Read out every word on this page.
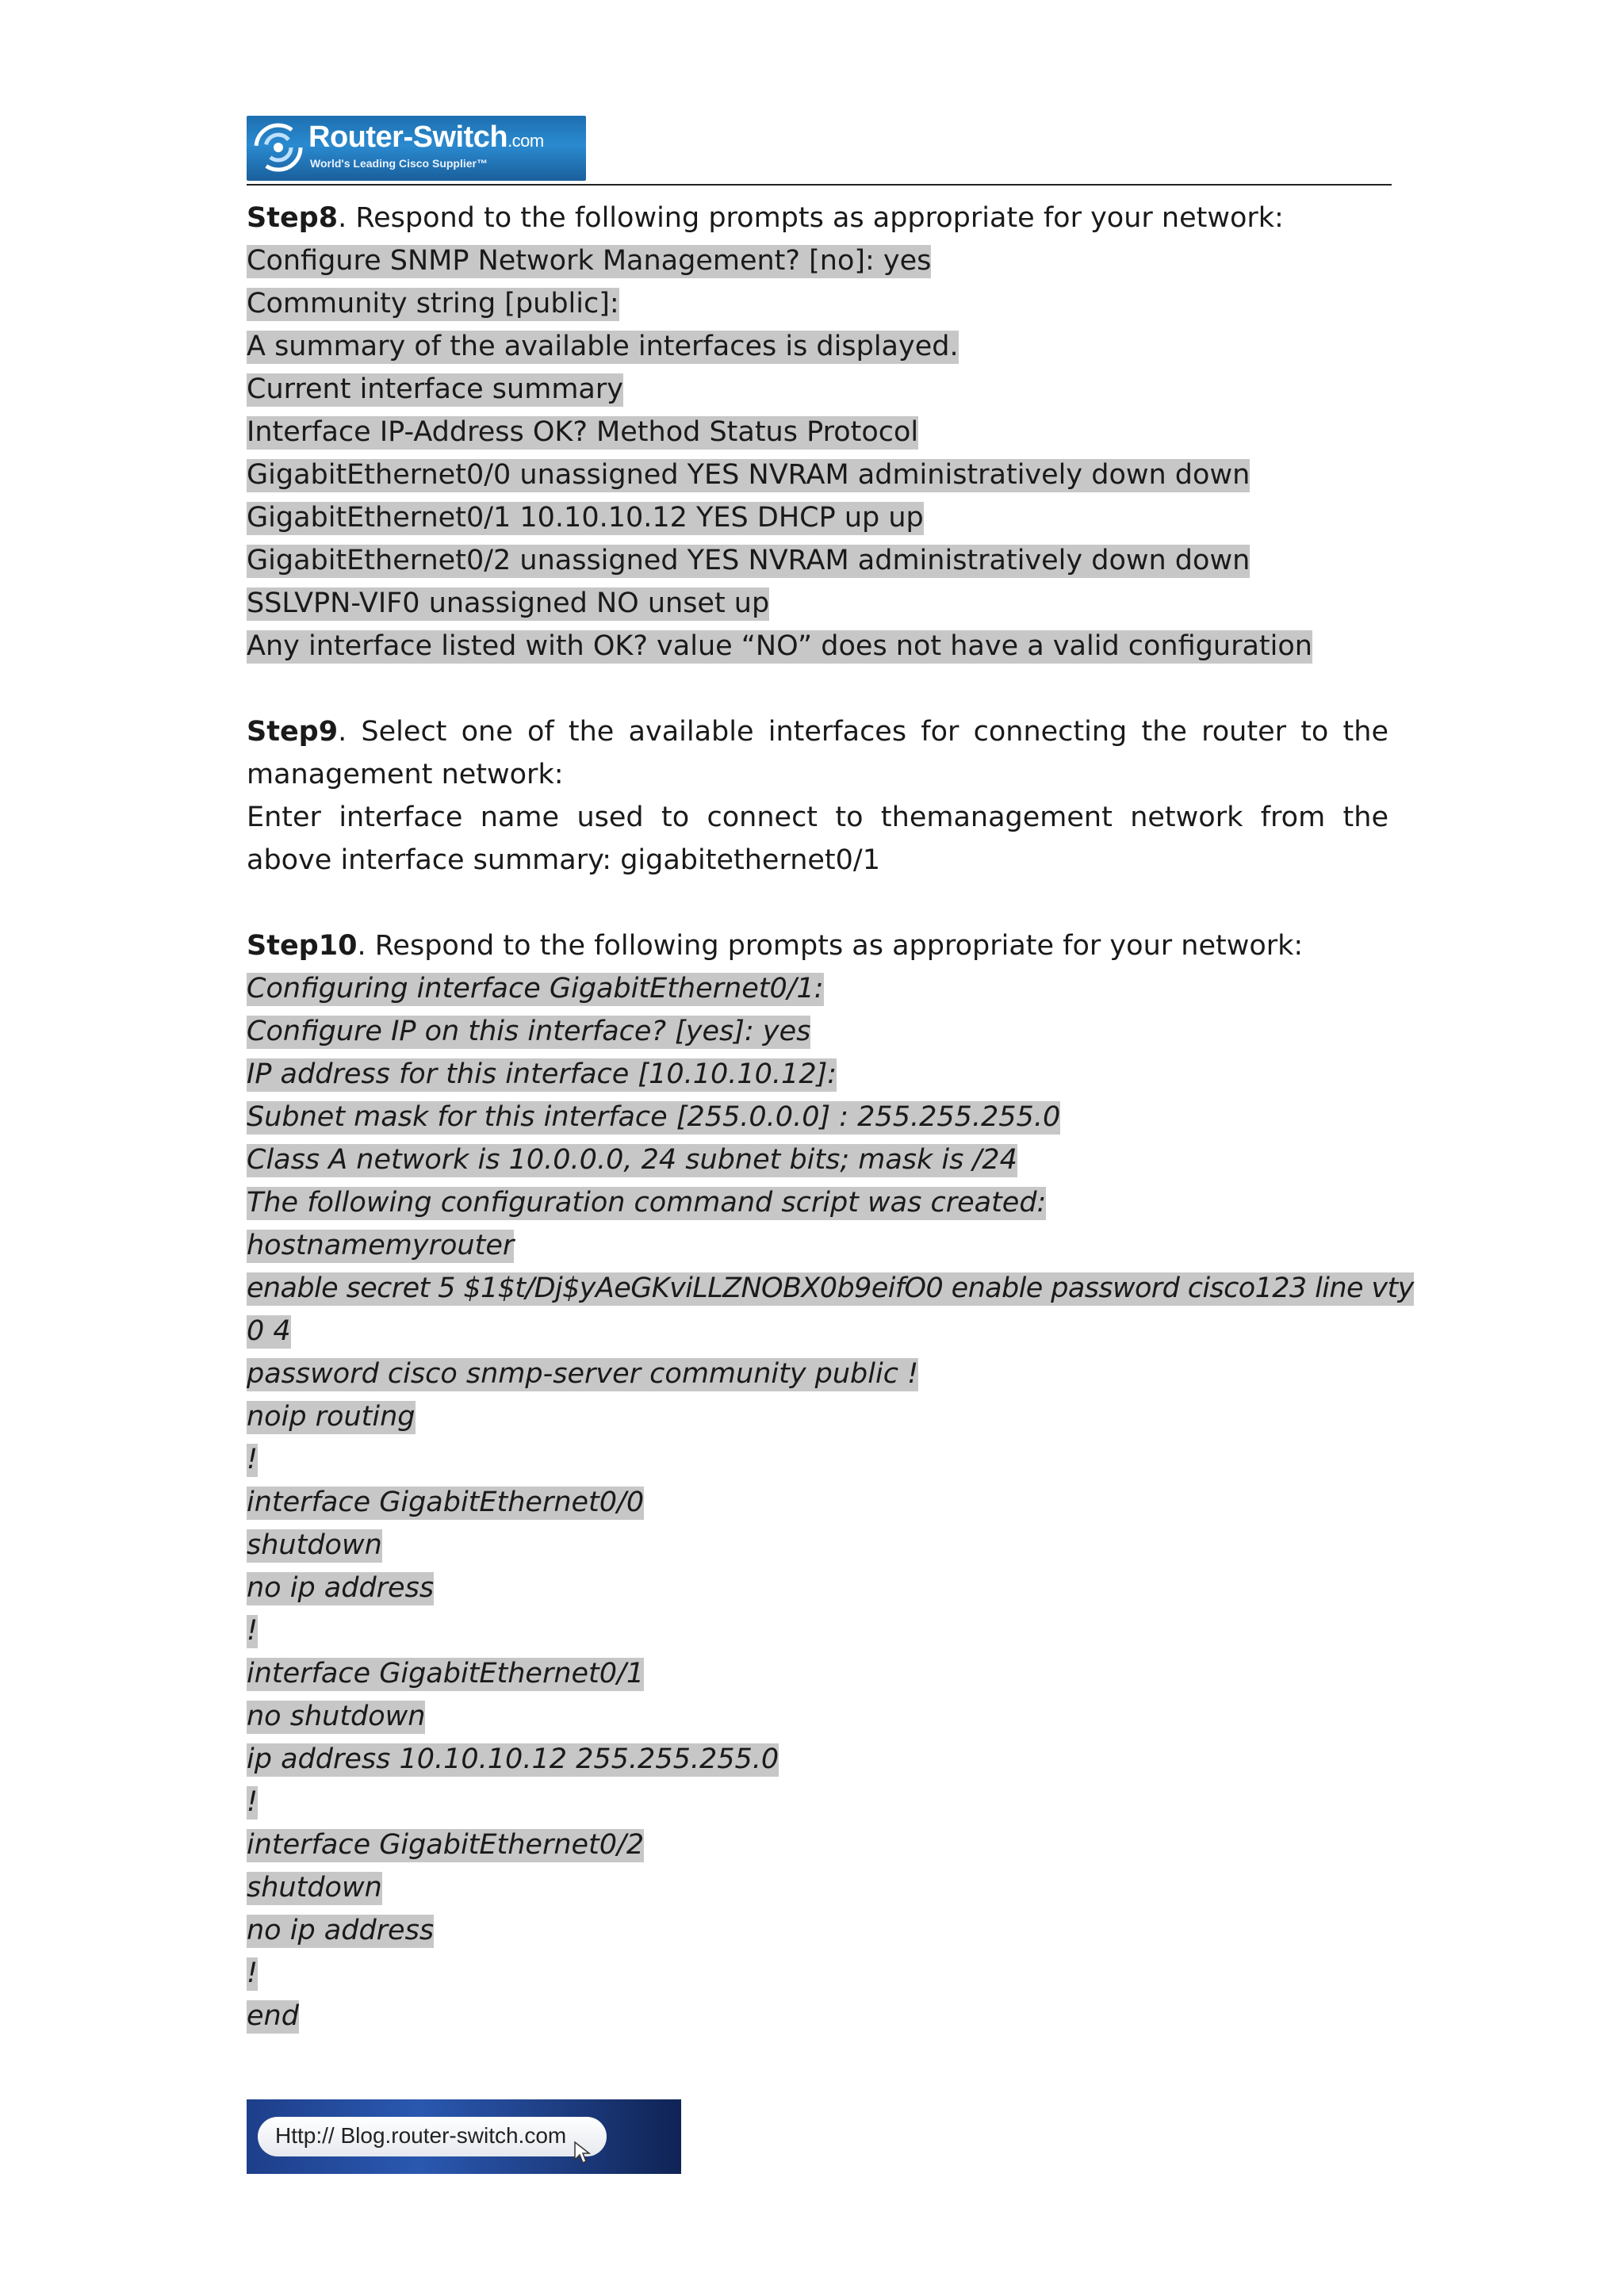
Router-Switch.com
World's Leading Cisco Supplier™
Step8. Respond to the following prompts as appropriate for your network:
Configure SNMP Network Management? [no]: yes
Community string [public]:
A summary of the available interfaces is displayed.
Current interface summary
Interface IP-Address OK? Method Status Protocol
GigabitEthernet0/0 unassigned YES NVRAM administratively down down
GigabitEthernet0/1 10.10.10.12 YES DHCP up up
GigabitEthernet0/2 unassigned YES NVRAM administratively down down
SSLVPN-VIF0 unassigned NO unset up
Any interface listed with OK? value “NO” does not have a valid configuration
Step9. Select one of the available interfaces for connecting the router to the management network:
Enter interface name used to connect to themanagement network from the above interface summary: gigabitethernet0/1
Step10. Respond to the following prompts as appropriate for your network:
Configuring interface GigabitEthernet0/1:
Configure IP on this interface? [yes]: yes
IP address for this interface [10.10.10.12]:
Subnet mask for this interface [255.0.0.0] : 255.255.255.0
Class A network is 10.0.0.0, 24 subnet bits; mask is /24
The following configuration command script was created:
hostnamemyrouter
enable secret 5 $1$t/Dj$yAeGKviLLZNOBX0b9eifO0 enable password cisco123 line vty
0 4
password cisco snmp-server community public !
noip routing
!
interface GigabitEthernet0/0
shutdown
no ip address
!
interface GigabitEthernet0/1
no shutdown
ip address 10.10.10.12 255.255.255.0
!
interface GigabitEthernet0/2
shutdown
no ip address
!
end
Http:// Blog.router-switch.com
